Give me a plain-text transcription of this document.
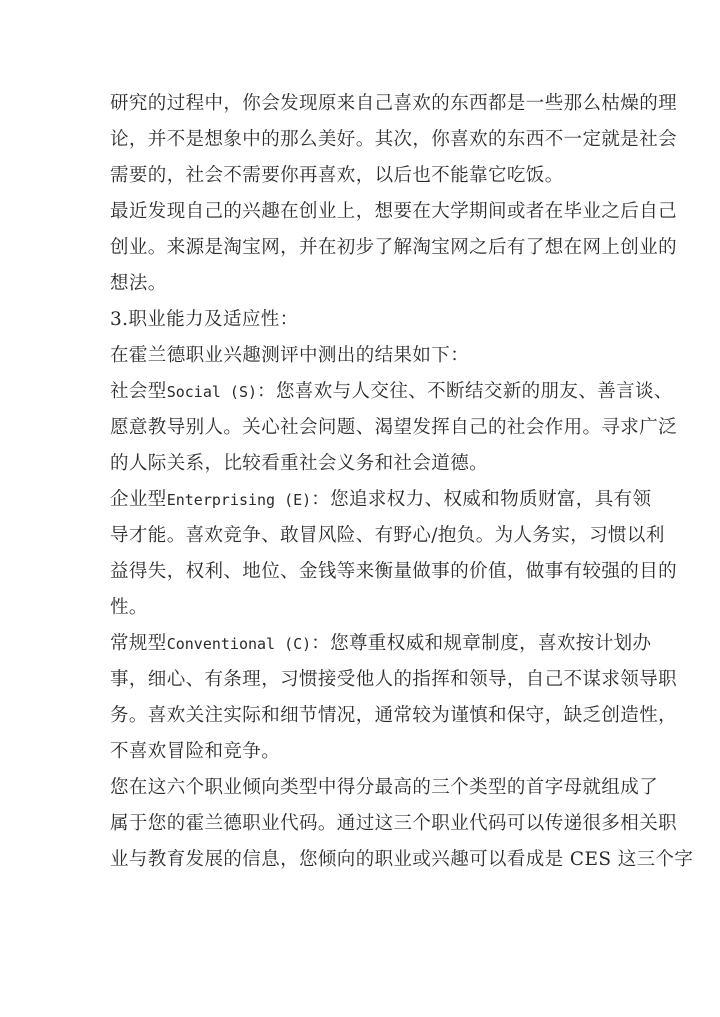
研究的过程中，你会发现原来自己喜欢的东西都是一些那么枯燥的理
论，并不是想象中的那么美好。其次，你喜欢的东西不一定就是社会
需要的，社会不需要你再喜欢，以后也不能靠它吃饭。
最近发现自己的兴趣在创业上，想要在大学期间或者在毕业之后自己
创业。来源是淘宝网，并在初步了解淘宝网之后有了想在网上创业的
想法。
3.职业能力及适应性：
在霍兰德职业兴趣测评中测出的结果如下：
社会型Social (S)：您喜欢与人交往、不断结交新的朋友、善言谈、
愿意教导别人。关心社会问题、渴望发挥自己的社会作用。寻求广泛
的人际关系，比较看重社会义务和社会道德。
企业型Enterprising (E)：您追求权力、权威和物质财富，具有领
导才能。喜欢竞争、敢冒风险、有野心/抱负。为人务实，习惯以利
益得失，权利、地位、金钱等来衡量做事的价值，做事有较强的目的
性。
常规型Conventional (C)：您尊重权威和规章制度，喜欢按计划办
事，细心、有条理，习惯接受他人的指挥和领导，自己不谋求领导职
务。喜欢关注实际和细节情况，通常较为谨慎和保守，缺乏创造性，
不喜欢冒险和竞争。
您在这六个职业倾向类型中得分最高的三个类型的首字母就组成了
属于您的霍兰德职业代码。通过这三个职业代码可以传递很多相关职
业与教育发展的信息，您倾向的职业或兴趣可以看成是 CES 这三个字
